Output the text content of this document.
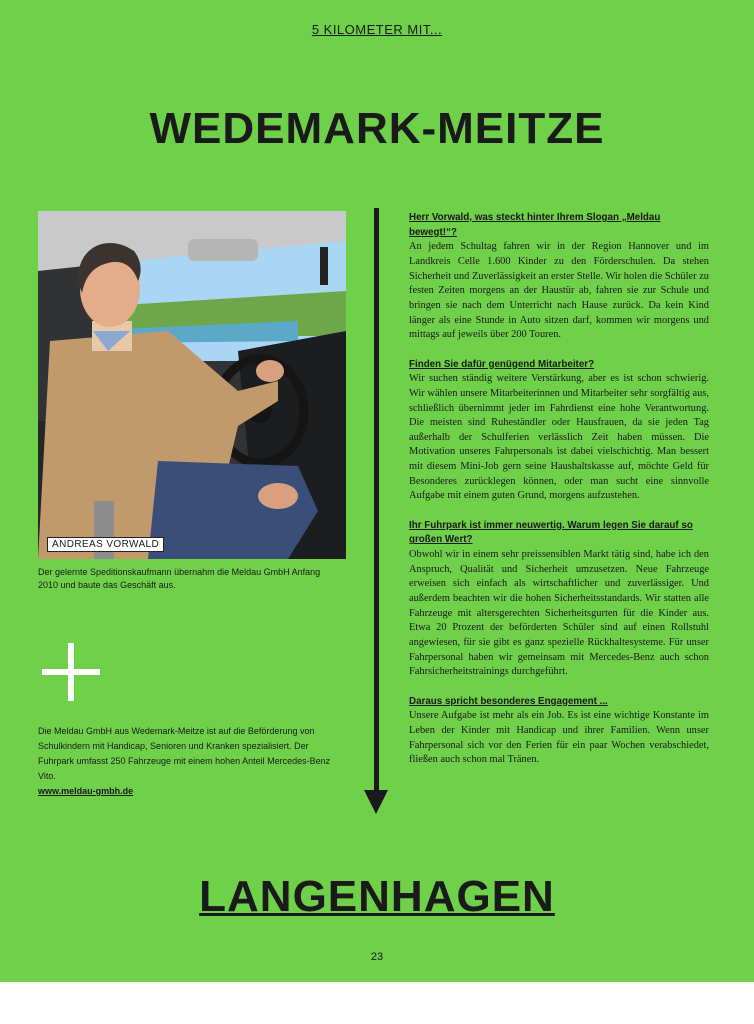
5 KILOMETER MIT...
WEDEMARK-MEITZE
ANDREAS VORWALD
Der gelernte Speditionskaufmann übernahm die Meldau GmbH Anfang 2010 und baute das Geschäft aus.
Die Meldau GmbH aus Wedemark-Meitze ist auf die Beförderung von Schulkindern mit Handicap, Senioren und Kranken spezialisiert. Der Fuhrpark umfasst 250 Fahrzeuge mit einem hohen Anteil Mercedes-Benz Vito.
www.meldau-gmbh.de
Herr Vorwald, was steckt hinter Ihrem Slogan „Meldau bewegt!“?

An jedem Schultag fahren wir in der Region Hannover und im Landkreis Celle 1.600 Kinder zu den Förderschulen. Da stehen Sicherheit und Zuverlässigkeit an erster Stelle. Wir holen die Schüler zu festen Zeiten morgens an der Haustür ab, fahren sie zur Schule und bringen sie nach dem Unterricht nach Hause zurück. Da kein Kind länger als eine Stunde in Auto sitzen darf, kommen wir morgens und mittags auf jeweils über 200 Touren.

Finden Sie dafür genügend Mitarbeiter?

Wir suchen ständig weitere Verstärkung, aber es ist schon schwierig. Wir wählen unsere Mitarbeiterinnen und Mitarbeiter sehr sorgfältig aus, schließlich übernimmt jeder im Fahrdienst eine hohe Verantwortung. Die meisten sind Ruheständler oder Hausfrauen, da sie jeden Tag außerhalb der Schulferien verlässlich Zeit haben müssen. Die Motivation unseres Fahrpersonals ist dabei vielschichtig. Man bessert mit diesem Mini-Job gern seine Haushaltskasse auf, möchte Geld für Besonderes zurücklegen können, oder man sucht eine sinnvolle Aufgabe mit einem guten Grund, morgens aufzustehen.

Ihr Fuhrpark ist immer neuwertig. Warum legen Sie darauf so großen Wert?

Obwohl wir in einem sehr preissensiblen Markt tätig sind, habe ich den Anspruch, Qualität und Sicherheit umzusetzen. Neue Fahrzeuge erweisen sich einfach als wirtschaftlicher und zuverlässiger. Und außerdem beachten wir die hohen Sicherheitsstandards. Wir statten alle Fahrzeuge mit altersgerechten Sicherheitsgurten für die Kinder aus. Etwa 20 Prozent der beförderten Schüler sind auf einen Rollstuhl angewiesen, für sie gibt es ganz spezielle Rückhaltesysteme. Für unser Fahrpersonal haben wir gemeinsam mit Mercedes-Benz auch schon Fahrsicherheitstrainings durchgeführt.

Daraus spricht besonderes Engagement ...

Unsere Aufgabe ist mehr als ein Job. Es ist eine wichtige Konstante im Leben der Kinder mit Handicap und ihrer Familien. Wenn unser Fahrpersonal sich vor den Ferien für ein paar Wochen verabschiedet, fließen auch schon mal Tränen.

LANGENHAGEN
23
